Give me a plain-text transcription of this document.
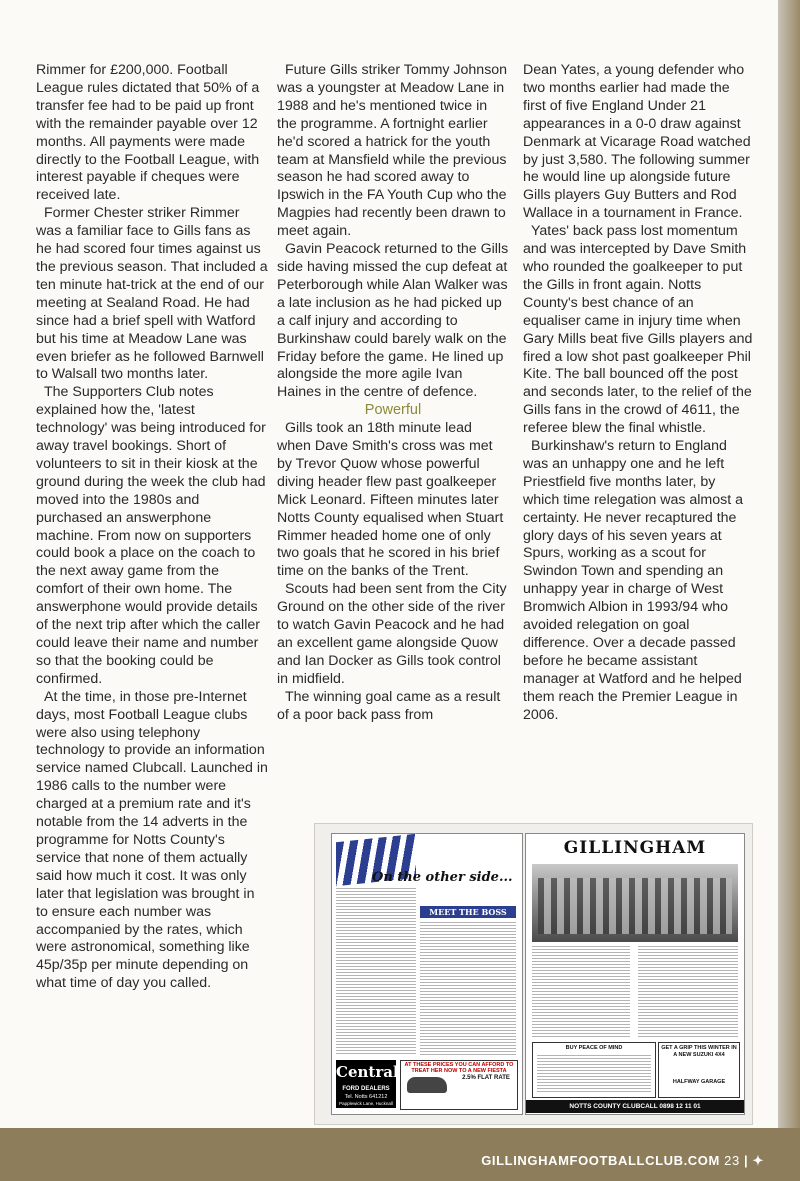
Rimmer for £200,000. Football League rules dictated that 50% of a transfer fee had to be paid up front with the remainder payable over 12 months. All payments were made directly to the Football League, with interest payable if cheques were received late.

Former Chester striker Rimmer was a familiar face to Gills fans as he had scored four times against us the previous season. That included a ten minute hat-trick at the end of our meeting at Sealand Road. He had since had a brief spell with Watford but his time at Meadow Lane was even briefer as he followed Barnwell to Walsall two months later.

The Supporters Club notes explained how the, 'latest technology' was being introduced for away travel bookings. Short of volunteers to sit in their kiosk at the ground during the week the club had moved into the 1980s and purchased an answerphone machine. From now on supporters could book a place on the coach to the next away game from the comfort of their own home. The answerphone would provide details of the next trip after which the caller could leave their name and number so that the booking could be confirmed.

At the time, in those pre-Internet days, most Football League clubs were also using telephony technology to provide an information service named Clubcall. Launched in 1986 calls to the number were charged at a premium rate and it's notable from the 14 adverts in the programme for Notts County's service that none of them actually said how much it cost. It was only later that legislation was brought in to ensure each number was accompanied by the rates, which were astronomical, something like 45p/35p per minute depending on what time of day you called.

Future Gills striker Tommy Johnson was a youngster at Meadow Lane in 1988 and he's mentioned twice in the programme. A fortnight earlier he'd scored a hatrick for the youth team at Mansfield while the previous season he had scored away to Ipswich in the FA Youth Cup who the Magpies had recently been drawn to meet again.

Gavin Peacock returned to the Gills side having missed the cup defeat at Peterborough while Alan Walker was a late inclusion as he had picked up a calf injury and according to Burkinshaw could barely walk on the Friday before the game. He lined up alongside the more agile Ivan Haines in the centre of defence.

Powerful

Gills took an 18th minute lead when Dave Smith's cross was met by Trevor Quow whose powerful diving header flew past goalkeeper Mick Leonard. Fifteen minutes later Notts County equalised when Stuart Rimmer headed home one of only two goals that he scored in his brief time on the banks of the Trent.

Scouts had been sent from the City Ground on the other side of the river to watch Gavin Peacock and he had an excellent game alongside Quow and Ian Docker as Gills took control in midfield.

The winning goal came as a result of a poor back pass from

Dean Yates, a young defender who two months earlier had made the first of five England Under 21 appearances in a 0-0 draw against Denmark at Vicarage Road watched by just 3,580. The following summer he would line up alongside future Gills players Guy Butters and Rod Wallace in a tournament in France.

Yates' back pass lost momentum and was intercepted by Dave Smith who rounded the goalkeeper to put the Gills in front again. Notts County's best chance of an equaliser came in injury time when Gary Mills beat five Gills players and fired a low shot past goalkeeper Phil Kite. The ball bounced off the post and seconds later, to the relief of the Gills fans in the crowd of 4611, the referee blew the final whistle.

Burkinshaw's return to England was an unhappy one and he left Priestfield five months later, by which time relegation was almost a certainty. He never recaptured the glory days of his seven years at Spurs, working as a scout for Swindon Town and spending an unhappy year in charge of West Bromwich Albion in 1993/94 who avoided relegation on goal difference. Over a decade passed before he became assistant manager at Watford and he helped them reach the Premier League in 2006.

On the other side...
MEET THE BOSS
Central
FORD DEALERS
Tel. Notts 641212
Papplewick Lane, Hucknall
AT THESE PRICES YOU CAN AFFORD TO TREAT HER NOW TO A NEW FIESTA
2.5% FLAT RATE
GILLINGHAM
BUY PEACE OF MIND	GET A GRIP THIS WINTER IN A NEW SUZUKI 4X4
HALFWAY GARAGE
NOTTS COUNTY CLUBCALL 0898 12 11 01
GILLINGHAMFOOTBALLCLUB.COM 23 | ✦
